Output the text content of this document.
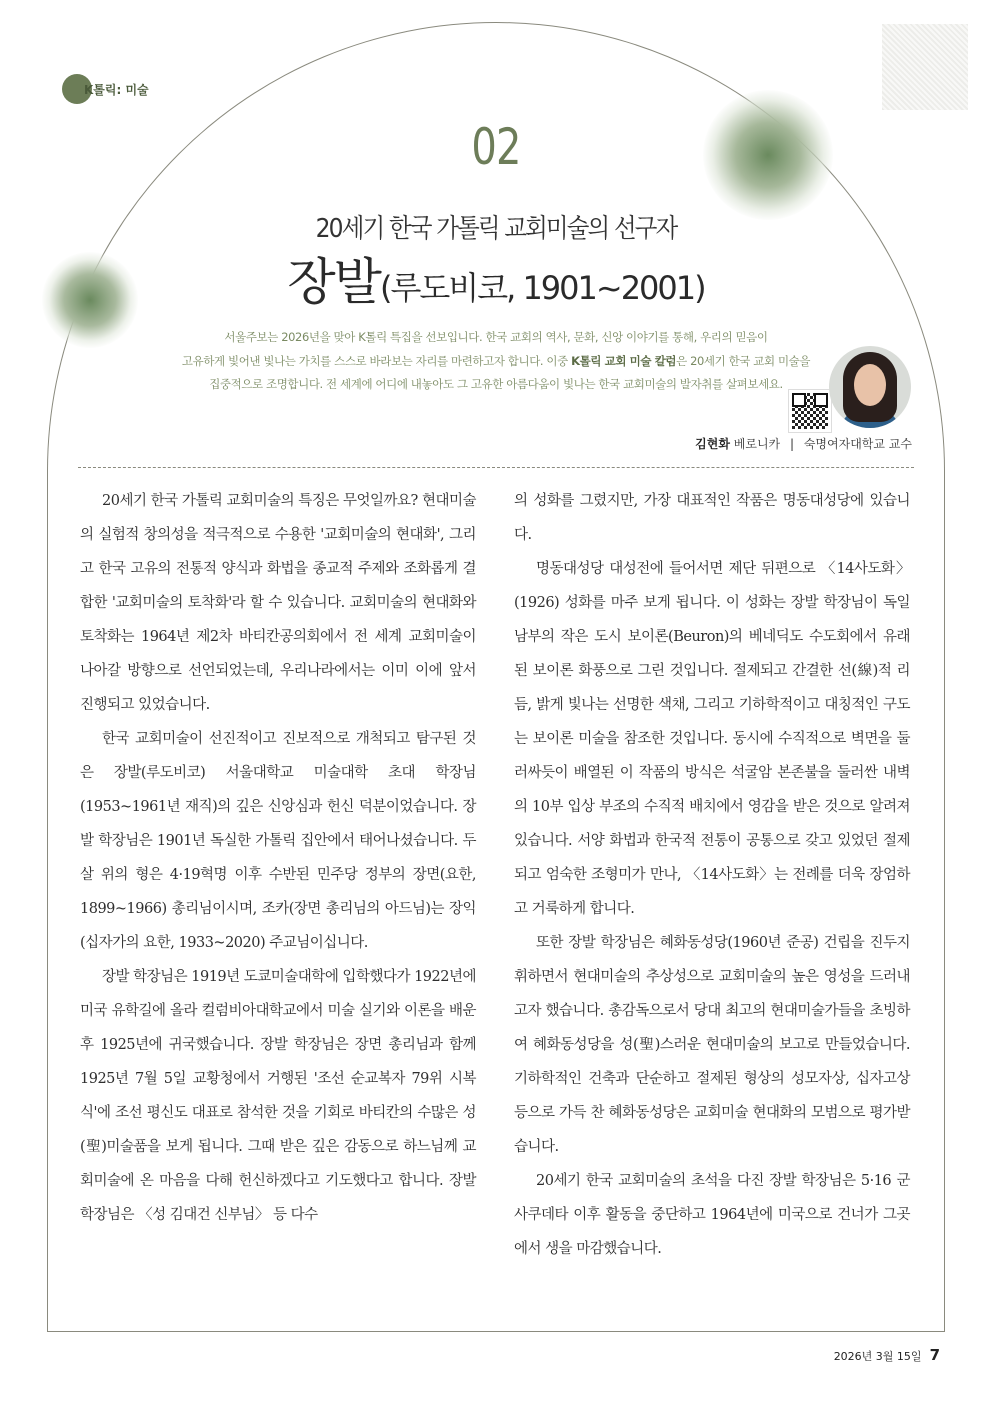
K톨릭: 미술
02
20세기 한국 가톨릭 교회미술의 선구자
장발(루도비코, 1901~2001)
서울주보는 2026년을 맞아 K톨릭 특집을 선보입니다. 한국 교회의 역사, 문화, 신앙 이야기를 통해, 우리의 믿음이
고유하게 빛어낸 빛나는 가치를 스스로 바라보는 자리를 마련하고자 합니다. 이중 K톨릭 교회 미술 칼럼은 20세기 한국 교회 미술을
집중적으로 조명합니다. 전 세계에 어디에 내놓아도 그 고유한 아름다움이 빛나는 한국 교회미술의 발자취를 살펴보세요.
김현화 베로니카 | 숙명여자대학교 교수

20세기 한국 가톨릭 교회미술의 특징은 무엇일까요? 현대미술의 실험적 창의성을 적극적으로 수용한 '교회미술의 현대화', 그리고 한국 고유의 전통적 양식과 화법을 종교적 주제와 조화롭게 결합한 '교회미술의 토착화'라 할 수 있습니다. 교회미술의 현대화와 토착화는 1964년 제2차 바티칸공의회에서 전 세계 교회미술이 나아갈 방향으로 선언되었는데, 우리나라에서는 이미 이에 앞서 진행되고 있었습니다.

한국 교회미술이 선진적이고 진보적으로 개척되고 탐구된 것은 장발(루도비코) 서울대학교 미술대학 초대 학장님(1953~1961년 재직)의 깊은 신앙심과 헌신 덕분이었습니다. 장발 학장님은 1901년 독실한 가톨릭 집안에서 태어나셨습니다. 두 살 위의 형은 4·19혁명 이후 수반된 민주당 정부의 장면(요한, 1899~1966) 총리님이시며, 조카(장면 총리님의 아드님)는 장익(십자가의 요한, 1933~2020) 주교님이십니다.

장발 학장님은 1919년 도쿄미술대학에 입학했다가 1922년에 미국 유학길에 올라 컬럼비아대학교에서 미술 실기와 이론을 배운 후 1925년에 귀국했습니다. 장발 학장님은 장면 총리님과 함께 1925년 7월 5일 교황청에서 거행된 '조선 순교복자 79위 시복식'에 조선 평신도 대표로 참석한 것을 기회로 바티칸의 수많은 성(聖)미술품을 보게 됩니다. 그때 받은 깊은 감동으로 하느님께 교회미술에 온 마음을 다해 헌신하겠다고 기도했다고 합니다. 장발 학장님은 〈성 김대건 신부님〉 등 다수

의 성화를 그렸지만, 가장 대표적인 작품은 명동대성당에 있습니다.

명동대성당 대성전에 들어서면 제단 뒤편으로 〈14사도화〉(1926) 성화를 마주 보게 됩니다. 이 성화는 장발 학장님이 독일 남부의 작은 도시 보이론(Beuron)의 베네딕도 수도회에서 유래된 보이론 화풍으로 그린 것입니다. 절제되고 간결한 선(線)적 리듬, 밝게 빛나는 선명한 색채, 그리고 기하학적이고 대칭적인 구도는 보이론 미술을 참조한 것입니다. 동시에 수직적으로 벽면을 둘러싸듯이 배열된 이 작품의 방식은 석굴암 본존불을 둘러싼 내벽의 10부 입상 부조의 수직적 배치에서 영감을 받은 것으로 알려져 있습니다. 서양 화법과 한국적 전통이 공통으로 갖고 있었던 절제되고 엄숙한 조형미가 만나, 〈14사도화〉는 전례를 더욱 장엄하고 거룩하게 합니다.

또한 장발 학장님은 혜화동성당(1960년 준공) 건립을 진두지휘하면서 현대미술의 추상성으로 교회미술의 높은 영성을 드러내고자 했습니다. 총감독으로서 당대 최고의 현대미술가들을 초빙하여 혜화동성당을 성(聖)스러운 현대미술의 보고로 만들었습니다. 기하학적인 건축과 단순하고 절제된 형상의 성모자상, 십자고상 등으로 가득 찬 혜화동성당은 교회미술 현대화의 모범으로 평가받습니다.

20세기 한국 교회미술의 초석을 다진 장발 학장님은 5·16 군사쿠데타 이후 활동을 중단하고 1964년에 미국으로 건너가 그곳에서 생을 마감했습니다.

2026년 3월 15일 7
